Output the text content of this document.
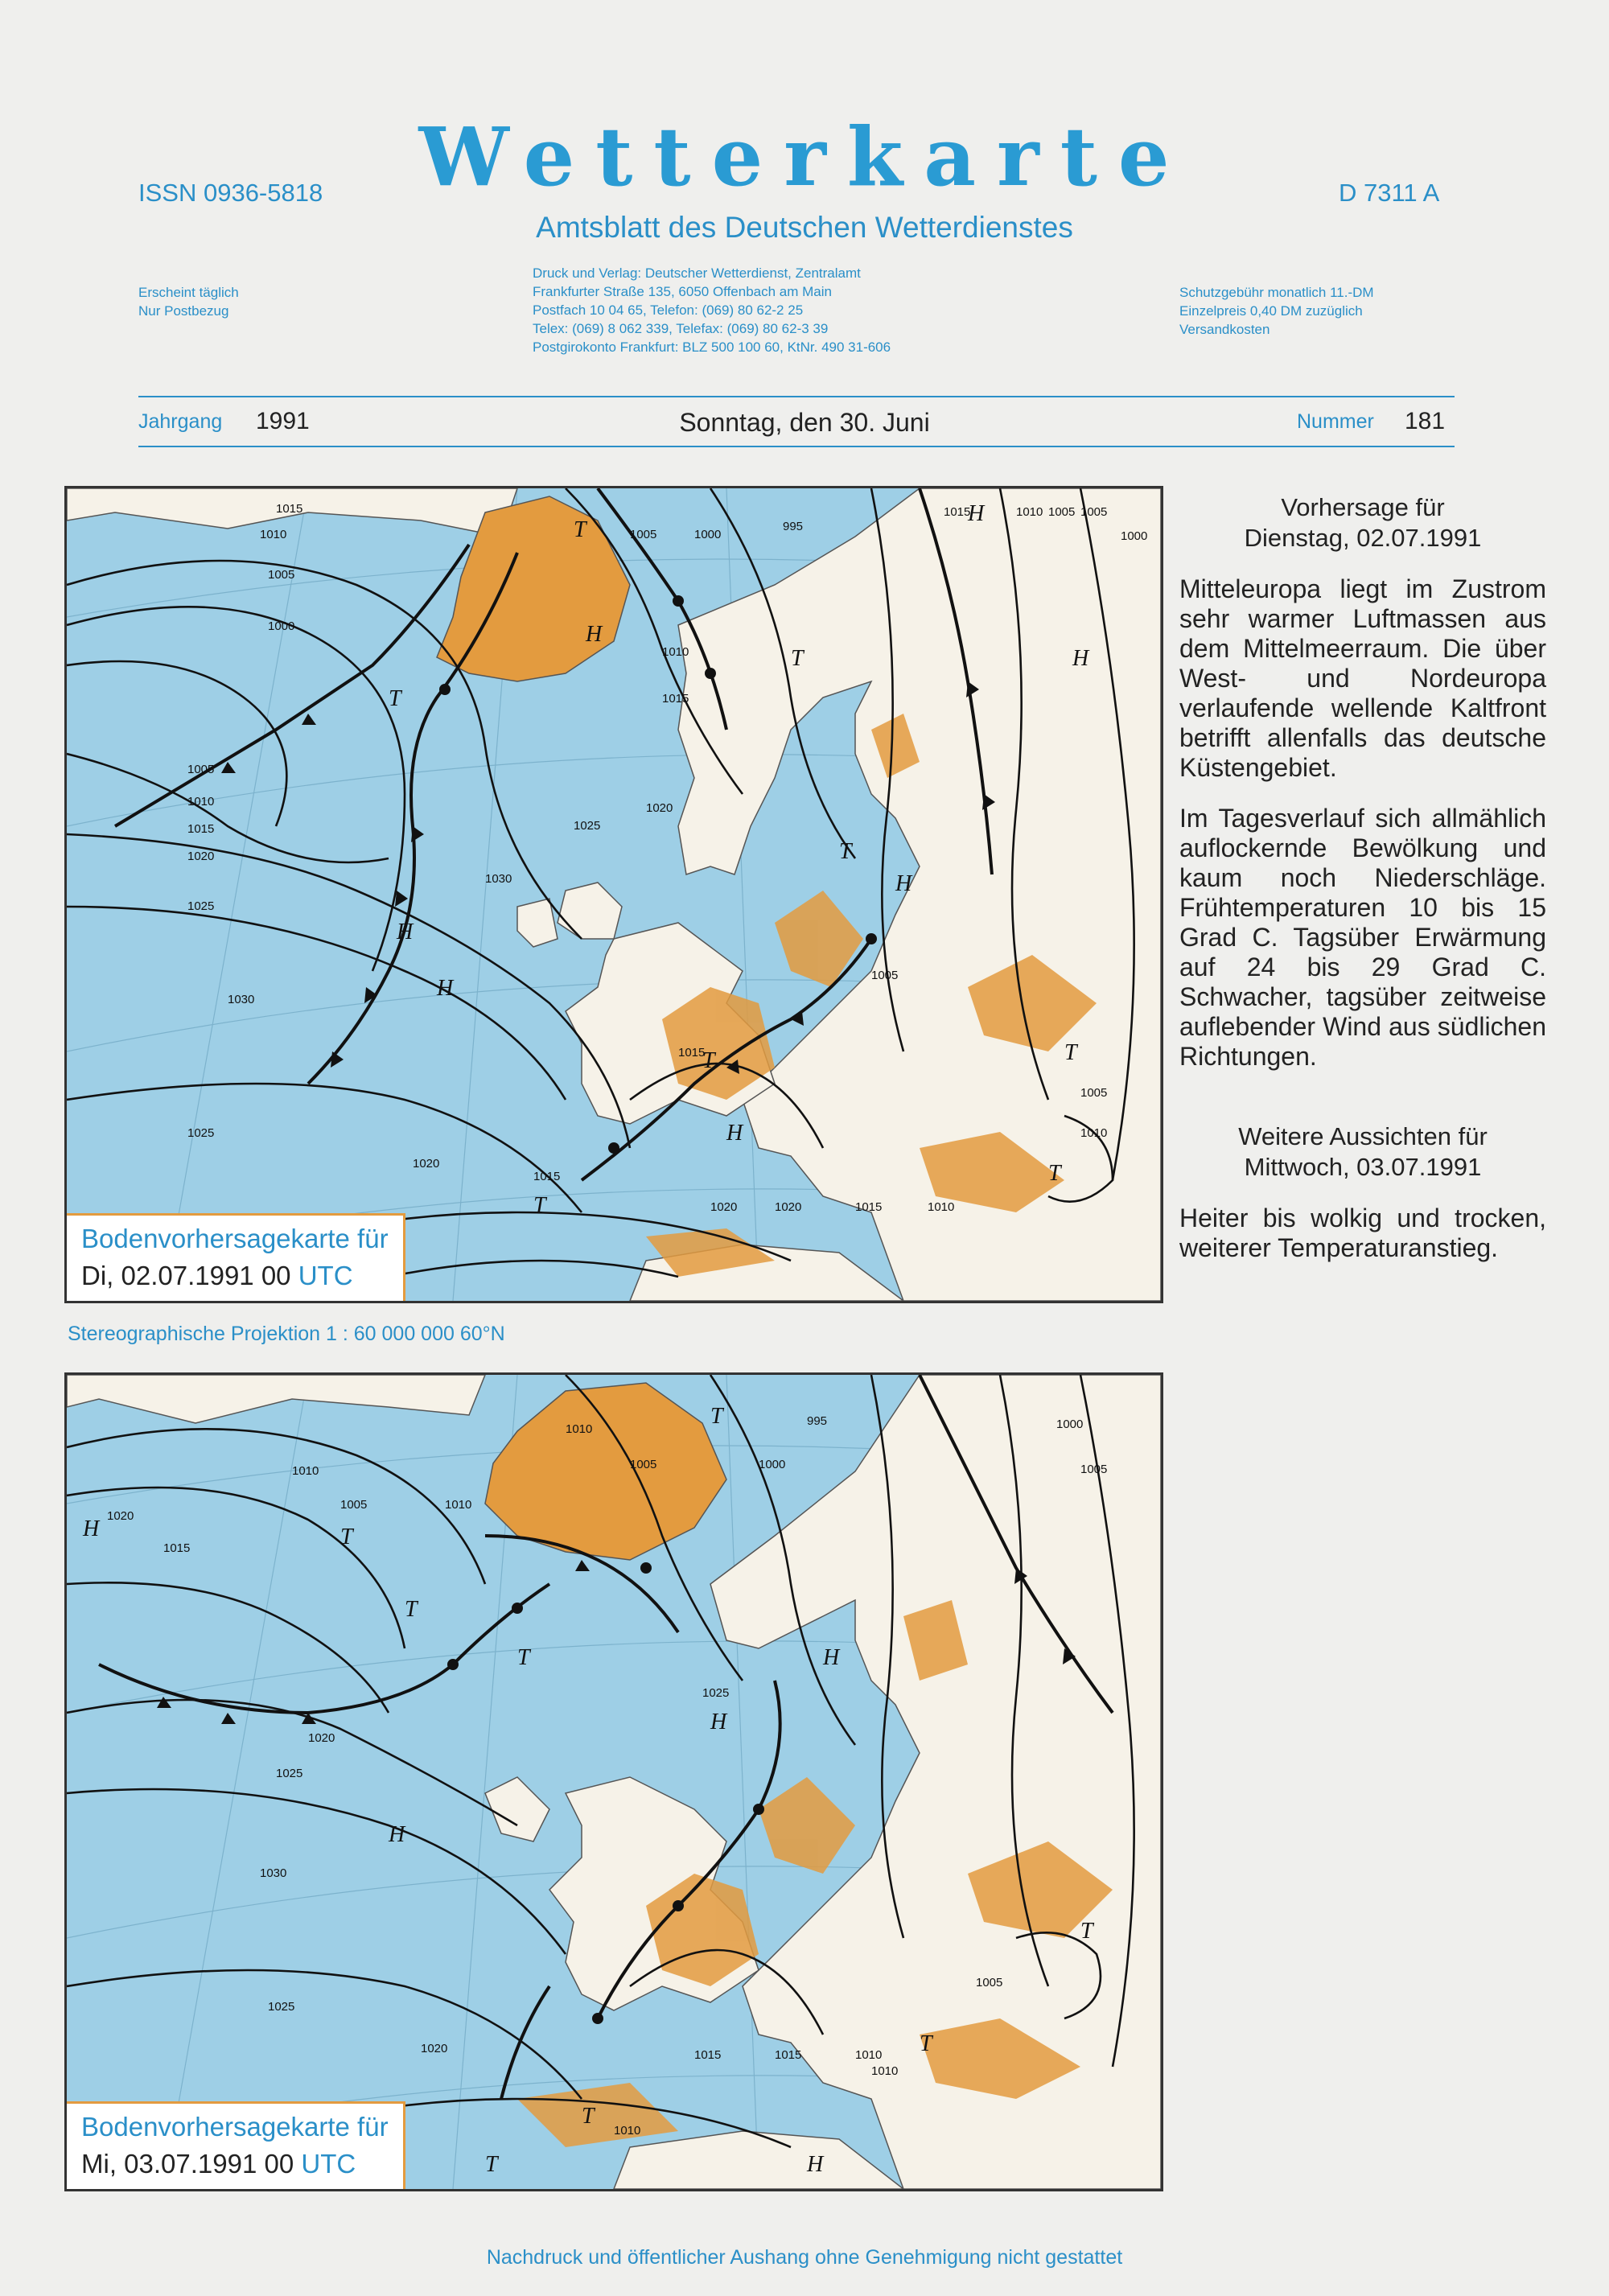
ISSN 0936-5818	Wetterkarte
Amtsblatt des Deutschen Wetterdienstes
D 7311 A
Erscheint täglich
Nur Postbezug
Druck und Verlag: Deutscher Wetterdienst, Zentralamt
Frankfurter Straße 135, 6050 Offenbach am Main
Postfach 10 04 65, Telefon: (069) 80 62-2 25
Telex: (069) 8 062 339, Telefax: (069) 80 62-3 39
Postgirokonto Frankfurt: BLZ 500 100 60, KtNr. 490 31-606
Schutzgebühr monatlich 11.-DM
Einzelpreis 0,40 DM zuzüglich
Versandkosten
Jahrgang 1991	Sonntag, den 30. Juni	Nummer 181
T
T
T
T
T	T
T
T
H
H
H
H
H
H
H
1015
1010
1005
1000
1005	1000
995
1010
1015
1020
1025
1030
1005
1010
1015
1020
1025
1030
1025
1020
1015
1020	1020	1015	1010
1015
1005
1005
1010
1005
1000
1015	1010 1005
Bodenvorhersagekarte für
Di, 02.07.1991 00 UTC
Stereographische Projektion 1 : 60 000 000 60°N
T
T
T
T
T
T
T
T
H
H
H
H
H
1020
1015
1010
1005	1010
1010
1005	1000
995
1020
1025
1030
1025
1020	1015	1015	1010
1010
1005
1005
1000
1025
1010
Bodenvorhersagekarte für
Mi, 03.07.1991 00 UTC
Vorhersage für
Dienstag, 02.07.1991
Mitteleuropa liegt im Zustrom sehr warmer Luftmassen aus dem Mittelmeerraum. Die über West- und Nordeuropa verlaufende wellende Kaltfront betrifft allenfalls das deutsche Küstengebiet.
Im Tagesverlauf sich allmählich auflockernde Bewölkung und kaum noch Niederschläge. Frühtemperaturen 10 bis 15 Grad C. Tagsüber Erwärmung auf 24 bis 29 Grad C. Schwacher, tagsüber zeitweise auflebender Wind aus südlichen Richtungen.
Weitere Aussichten für
Mittwoch, 03.07.1991
Heiter bis wolkig und trocken, weiterer Temperaturanstieg.
Nachdruck und öffentlicher Aushang ohne Genehmigung nicht gestattet
